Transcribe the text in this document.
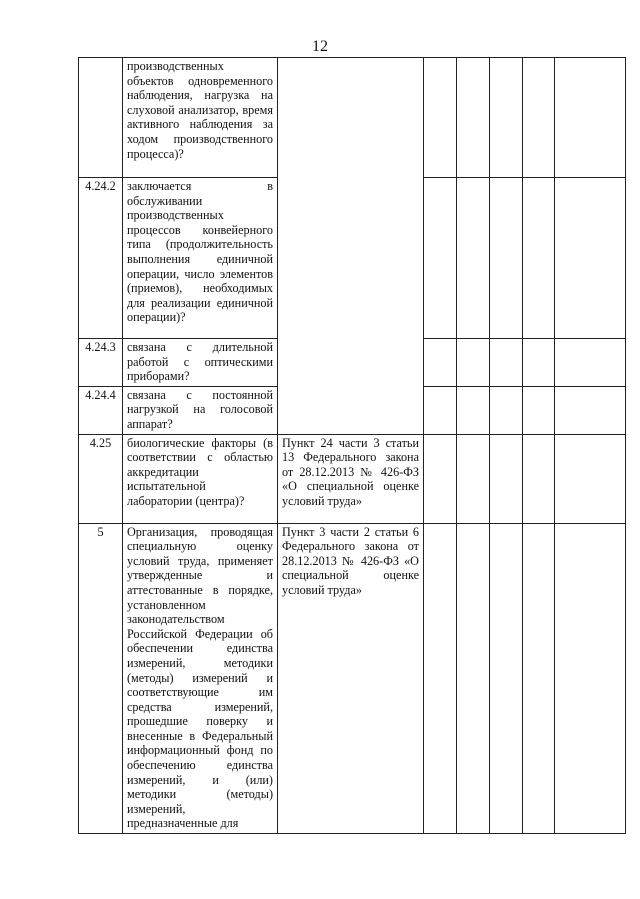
12
	производственных объектов одновременного наблюдения, нагрузка на слуховой анализатор, время активного наблюдения за ходом производственного процесса)?						
4.24.2	заключается в обслуживании производственных процессов конвейерного типа (продолжительность выполнения единичной операции, число элементов (приемов), необходимых для реализации единичной операции)?						
4.24.3	связана с длительной работой с оптическими приборами?						
4.24.4	связана с постоянной нагрузкой на голосовой аппарат?						
4.25	биологические факторы (в соответствии с областью аккредитации испытательной лаборатории (центра)?	Пункт 24 части 3 статьи 13 Федерального закона от 28.12.2013 № 426-ФЗ «О специальной оценке условий труда»					
5	Организация, проводящая специальную оценку условий труда, применяет утвержденные и аттестованные в порядке, установленном законодательством Российской Федерации об обеспечении единства измерений, методики (методы) измерений и соответствующие им средства измерений, прошедшие поверку и внесенные в Федеральный информационный фонд по обеспечению единства измерений, и (или) методики (методы) измерений, предназначенные для	Пункт 3 части 2 статьи 6 Федерального закона от 28.12.2013 № 426-ФЗ «О специальной оценке условий труда»					
